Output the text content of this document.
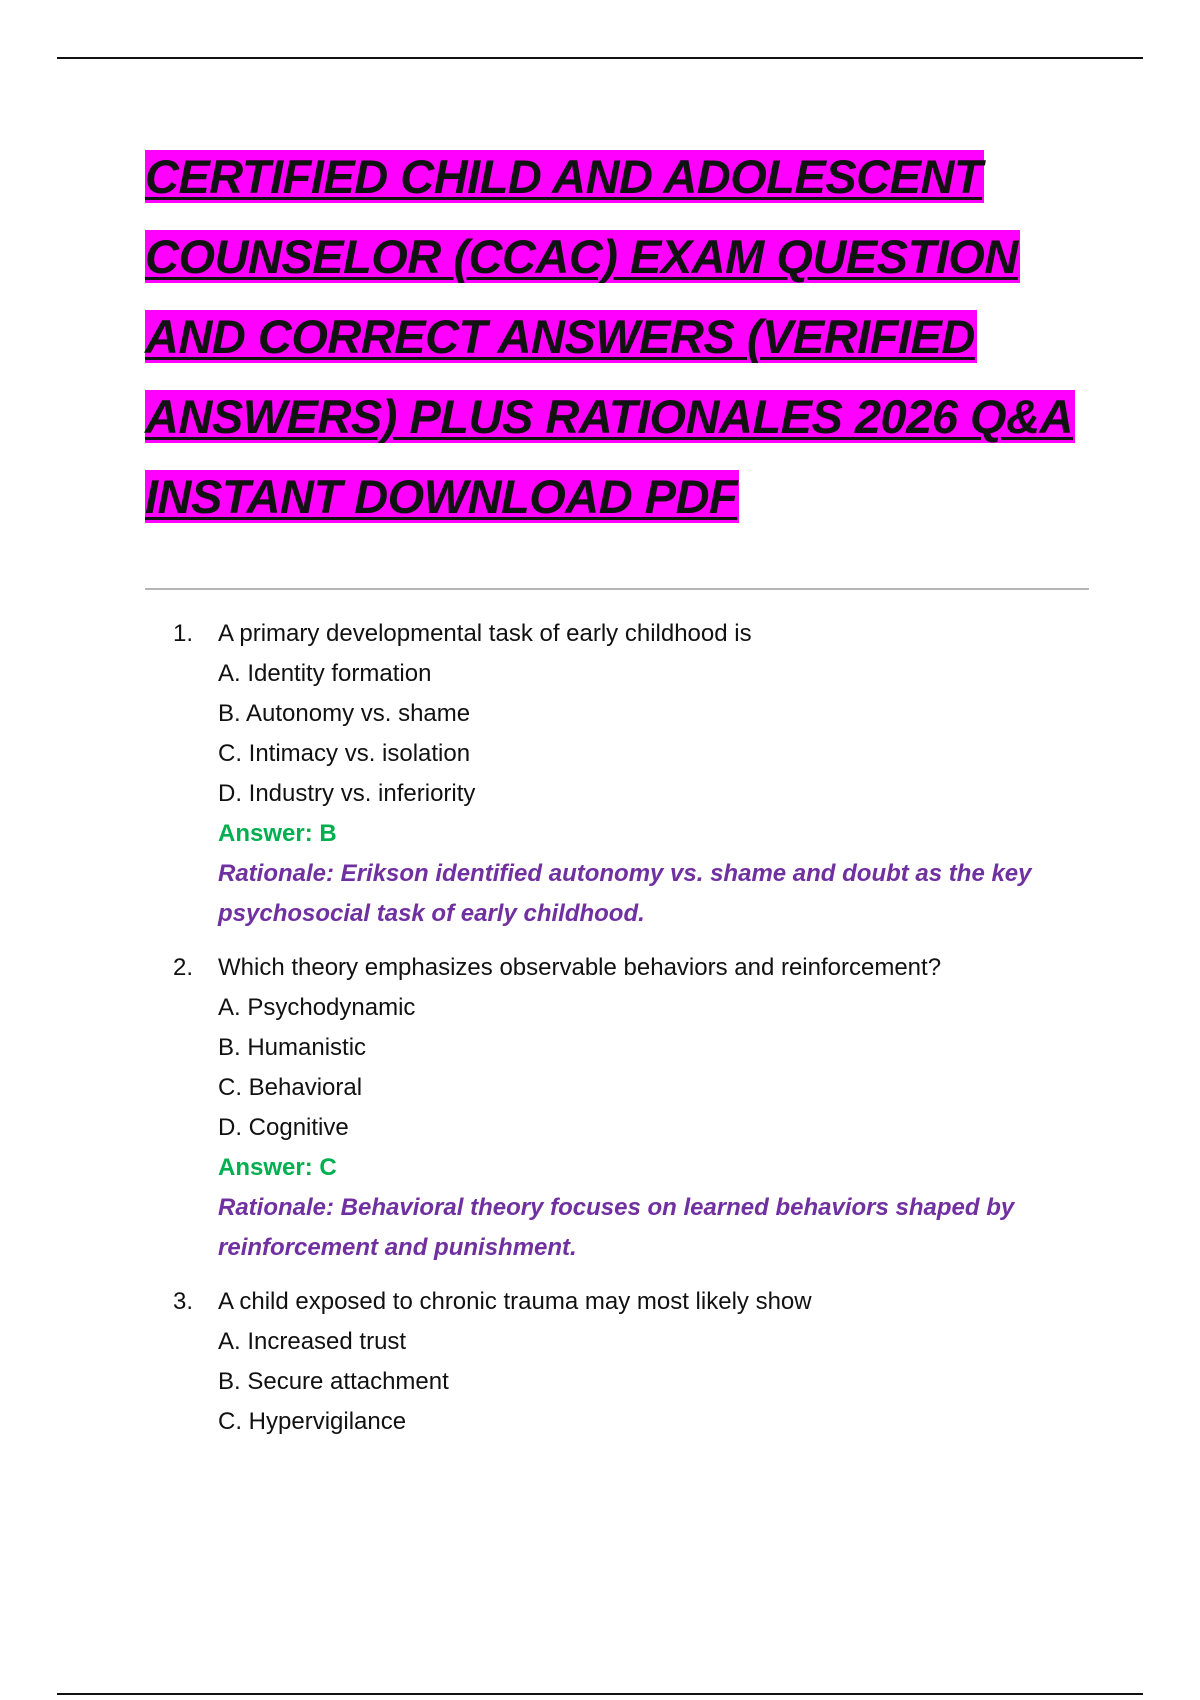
CERTIFIED CHILD AND ADOLESCENT
COUNSELOR (CCAC) EXAM QUESTION
AND CORRECT ANSWERS (VERIFIED
ANSWERS) PLUS RATIONALES 2026 Q&A
INSTANT DOWNLOAD PDF
1.	A primary developmental task of early childhood is
A. Identity formation
B. Autonomy vs. shame
C. Intimacy vs. isolation
D. Industry vs. inferiority
Answer: B
Rationale: Erikson identified autonomy vs. shame and doubt as the key psychosocial task of early childhood.
2.	Which theory emphasizes observable behaviors and reinforcement?
A. Psychodynamic
B. Humanistic
C. Behavioral
D. Cognitive
Answer: C
Rationale: Behavioral theory focuses on learned behaviors shaped by reinforcement and punishment.
3.	A child exposed to chronic trauma may most likely show
A. Increased trust
B. Secure attachment
C. Hypervigilance
